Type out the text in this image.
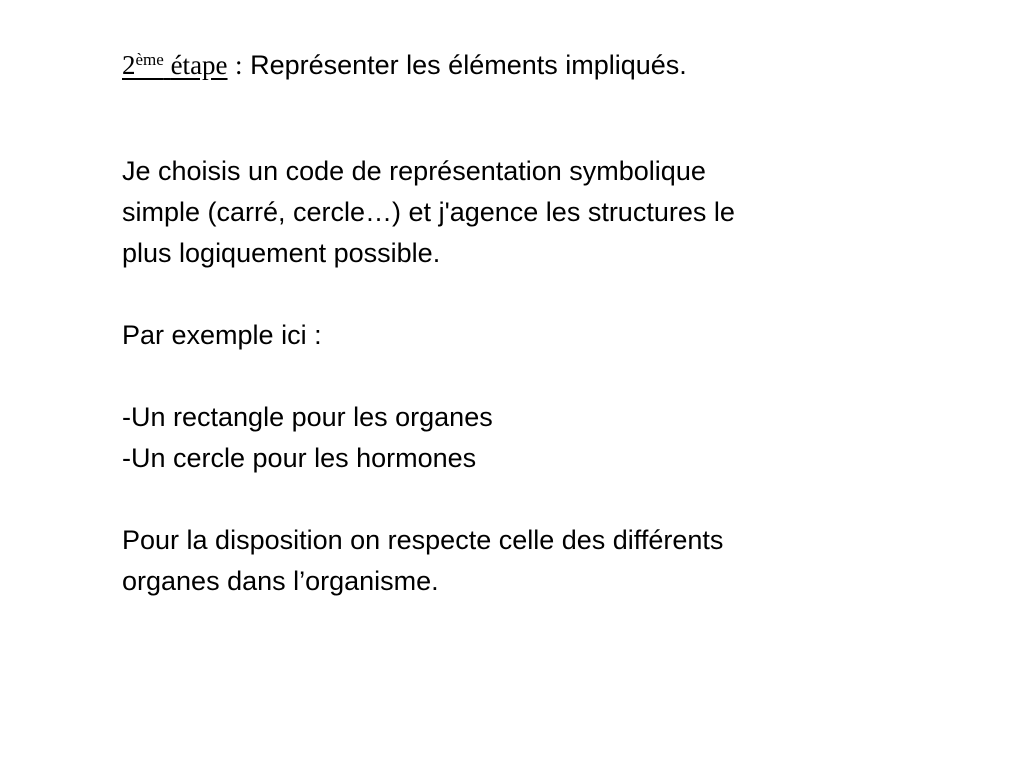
2ème étape : Représenter les éléments impliqués.
Je choisis un code de représentation symbolique
simple (carré, cercle…) et j'agence les structures le
plus logiquement possible.
Par exemple ici :
-Un rectangle pour les organes
-Un cercle pour les hormones
Pour la disposition on respecte celle des différents
organes dans l’organisme.
